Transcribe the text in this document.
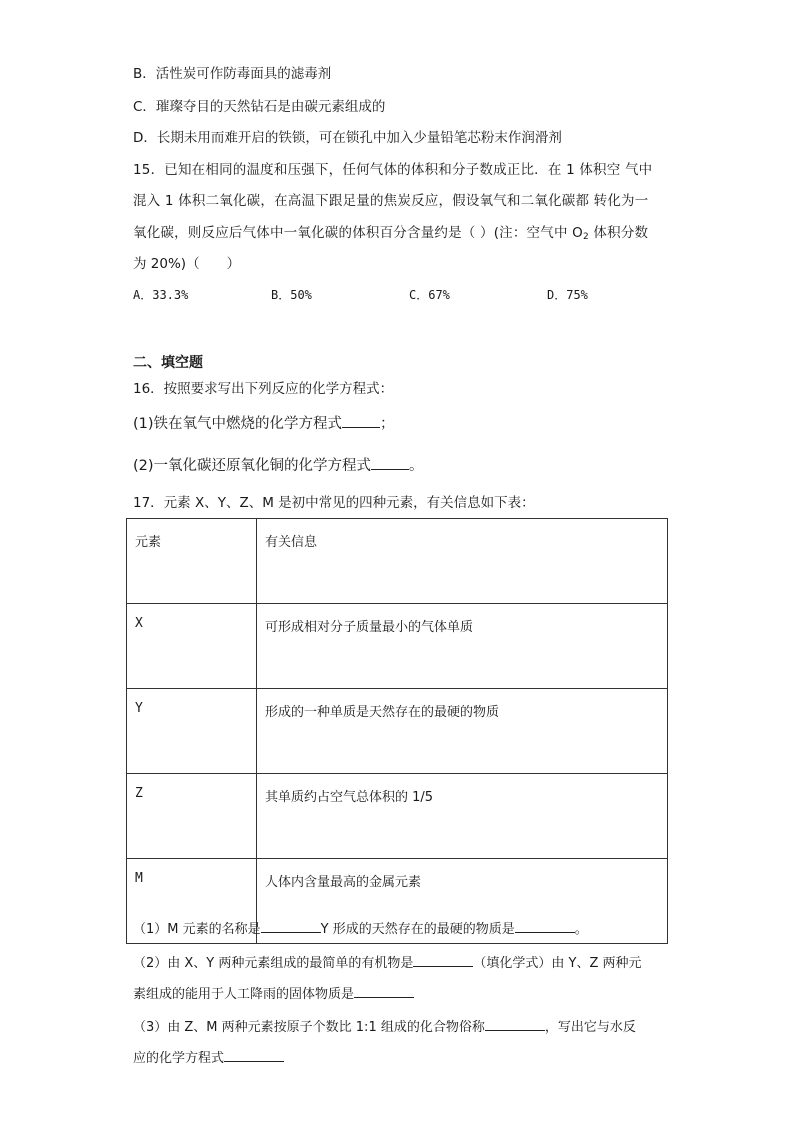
B．活性炭可作防毒面具的滤毒剂
C．璀璨夺目的天然钻石是由碳元素组成的
D．长期未用而难开启的铁锁，可在锁孔中加入少量铅笔芯粉末作润滑剂
15．已知在相同的温度和压强下，任何气体的体积和分子数成正比．在 1 体积空 气中
混入 1 体积二氧化碳，在高温下跟足量的焦炭反应，假设氧气和二氧化碳都 转化为一
氧化碳，则反应后气体中一氧化碳的体积百分含量约是（ ）(注：空气中 $O_2$ 体积分数
为 20%)（　　）
A．33.3%	B．50%	C．67%	D．75%
二、填空题
16．按照要求写出下列反应的化学方程式：
(1)铁在氧气中燃烧的化学方程式	；
(2)一氧化碳还原氧化铜的化学方程式	。
17．元素 X、Y、Z、M 是初中常见的四种元素，有关信息如下表：
元素	有关信息
X	可形成相对分子质量最小的气体单质
Y	形成的一种单质是天然存在的最硬的物质
Z	其单质约占空气总体积的 1/5
M	人体内含量最高的金属元素
（1）M 元素的名称是	Y 形成的天然存在的最硬的物质是	。
（2）由 X、Y 两种元素组成的最简单的有机物是	（填化学式）由 Y、Z 两种元
素组成的能用于人工降雨的固体物质是
（3）由 Z、M 两种元素按原子个数比 1:1 组成的化合物俗称	，写出它与水反
应的化学方程式
